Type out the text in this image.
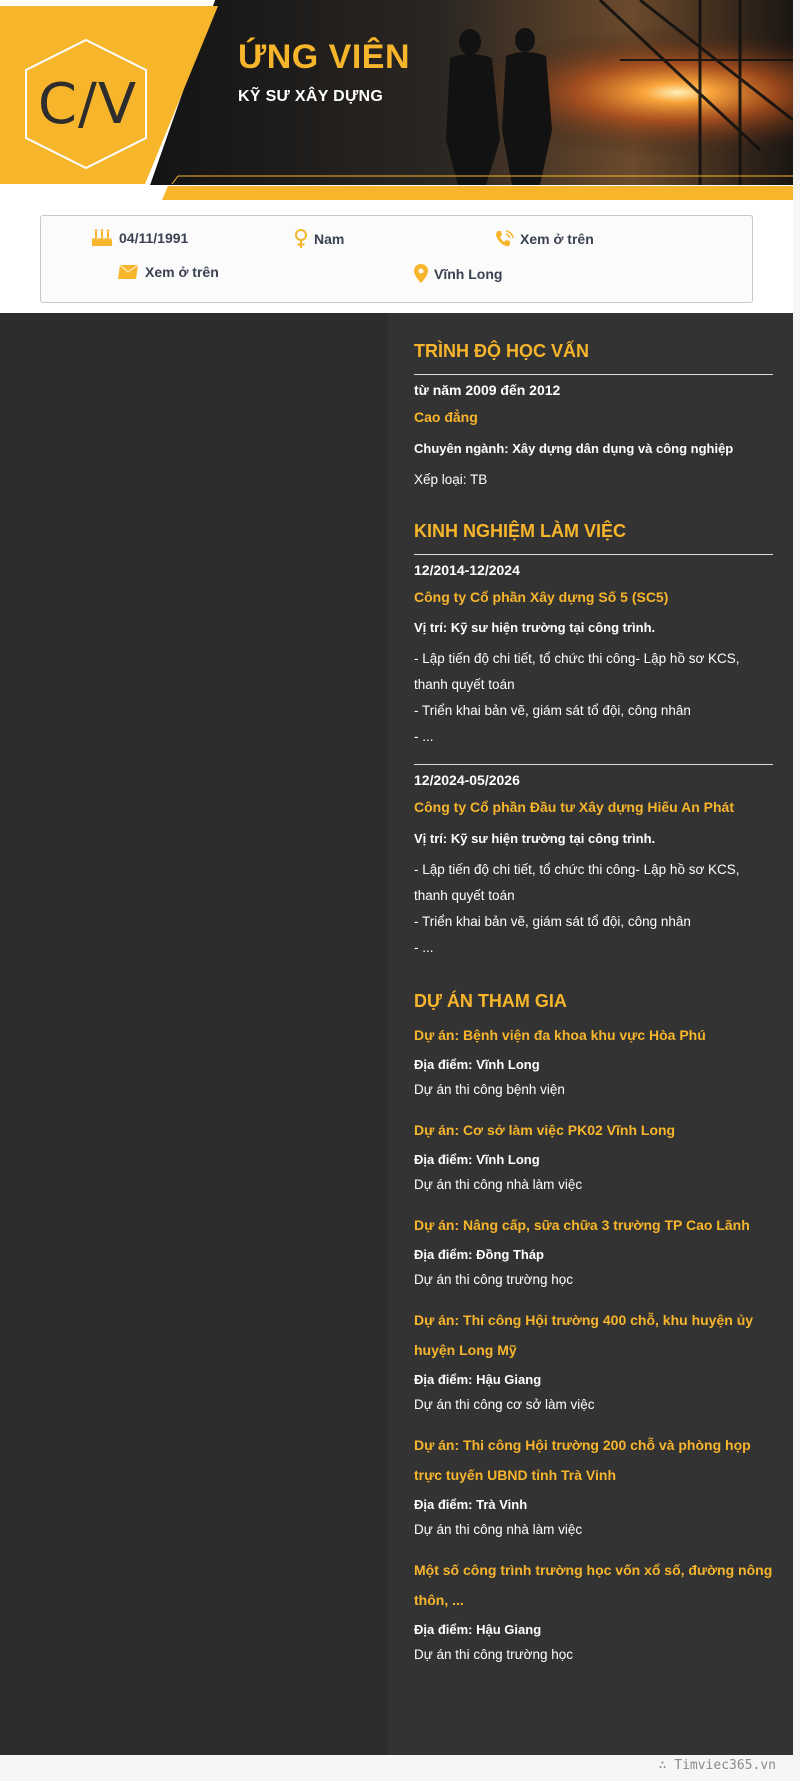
C/V
ỨNG VIÊN
KỸ SƯ XÂY DỰNG
04/11/1991	Nam	Xem ở trên
Xem ở trên	Vĩnh Long
TRÌNH ĐỘ HỌC VẤN
từ năm 2009 đến 2012
Cao đẳng
Chuyên ngành: Xây dựng dân dụng và công nghiệp
Xếp loại: TB
KINH NGHIỆM LÀM VIỆC
12/2014-12/2024
Công ty Cổ phần Xây dựng Số 5 (SC5)
Vị trí: Kỹ sư hiện trường tại công trình.

- Lập tiến độ chi tiết, tổ chức thi công- Lập hồ sơ KCS, thanh quyết toán

- Triển khai bản vẽ, giám sát tổ đội, công nhân

- ...

12/2024-05/2026
Công ty Cổ phần Đầu tư Xây dựng Hiếu An Phát
Vị trí: Kỹ sư hiện trường tại công trình.

- Lập tiến độ chi tiết, tổ chức thi công- Lập hồ sơ KCS, thanh quyết toán

- Triển khai bản vẽ, giám sát tổ đội, công nhân

- ...

DỰ ÁN THAM GIA
Dự án: Bệnh viện đa khoa khu vực Hòa Phú
Địa điểm: Vĩnh Long
Dự án thi công bệnh viện
Dự án: Cơ sở làm việc PK02 Vĩnh Long
Địa điểm: Vĩnh Long
Dự án thi công nhà làm việc
Dự án: Nâng cấp, sữa chữa 3 trường TP Cao Lãnh
Địa điểm: Đồng Tháp
Dự án thi công trường học
Dự án: Thi công Hội trường 400 chỗ, khu huyện ủy huyện Long Mỹ
Địa điểm: Hậu Giang
Dự án thi công cơ sở làm việc
Dự án: Thi công Hội trường 200 chỗ và phòng họp trực tuyến UBND tỉnh Trà Vinh
Địa điểm: Trà Vinh
Dự án thi công nhà làm việc
Một số công trình trường học vốn xổ số, đường nông thôn, ...
Địa điểm: Hậu Giang
Dự án thi công trường học
∴ Timviec365.vn
